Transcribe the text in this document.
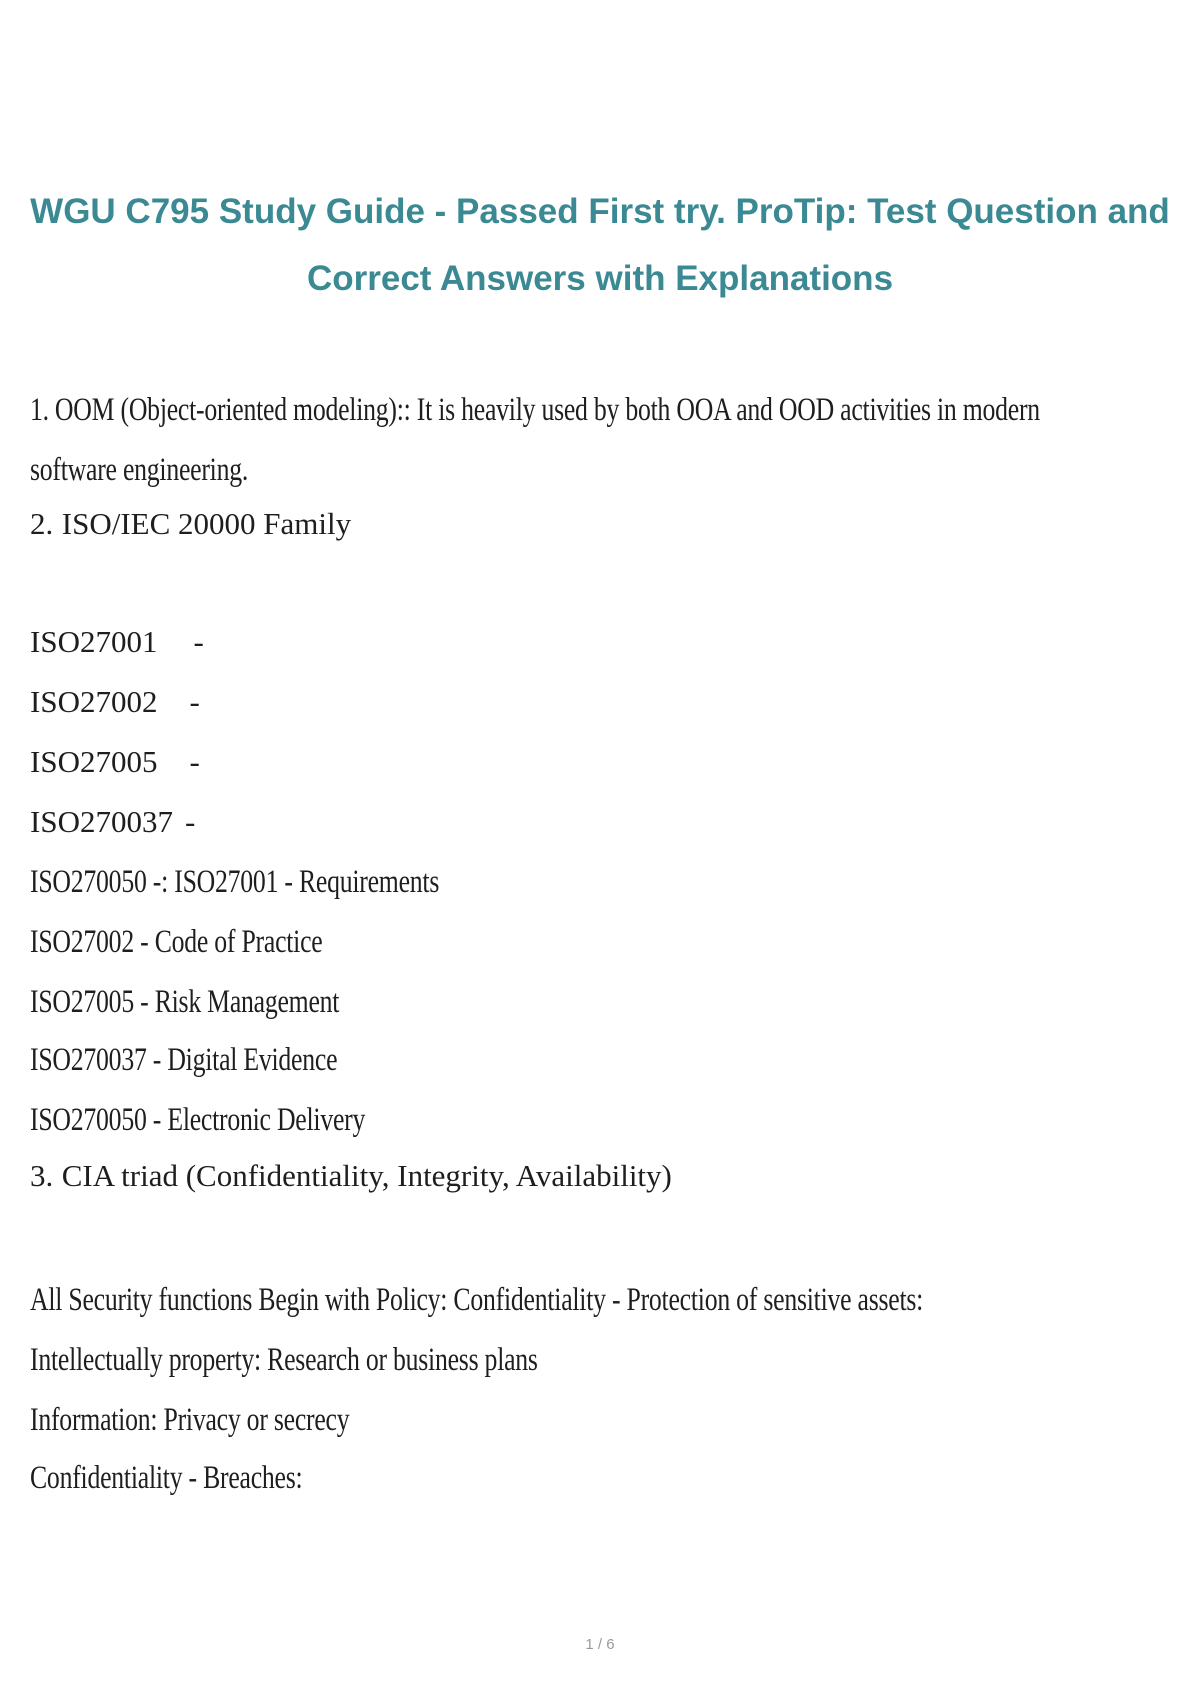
WGU C795 Study Guide - Passed First try. ProTip: Test Question and
Correct Answers with Explanations

1. OOM (Object-oriented modeling):: It is heavily used by both OOA and OOD activities in modern

software engineering.

2. ISO/IEC 20000 Family

ISO27001 -

ISO27002 -

ISO27005 -

ISO270037 -

ISO270050 -: ISO27001 - Requirements

ISO27002 - Code of Practice

ISO27005 - Risk Management

ISO270037 - Digital Evidence

ISO270050 - Electronic Delivery

3. CIA triad (Confidentiality, Integrity, Availability)

All Security functions Begin with Policy: Confidentiality - Protection of sensitive assets:

Intellectually property: Research or business plans

Information: Privacy or secrecy

Confidentiality - Breaches:

1 / 6
